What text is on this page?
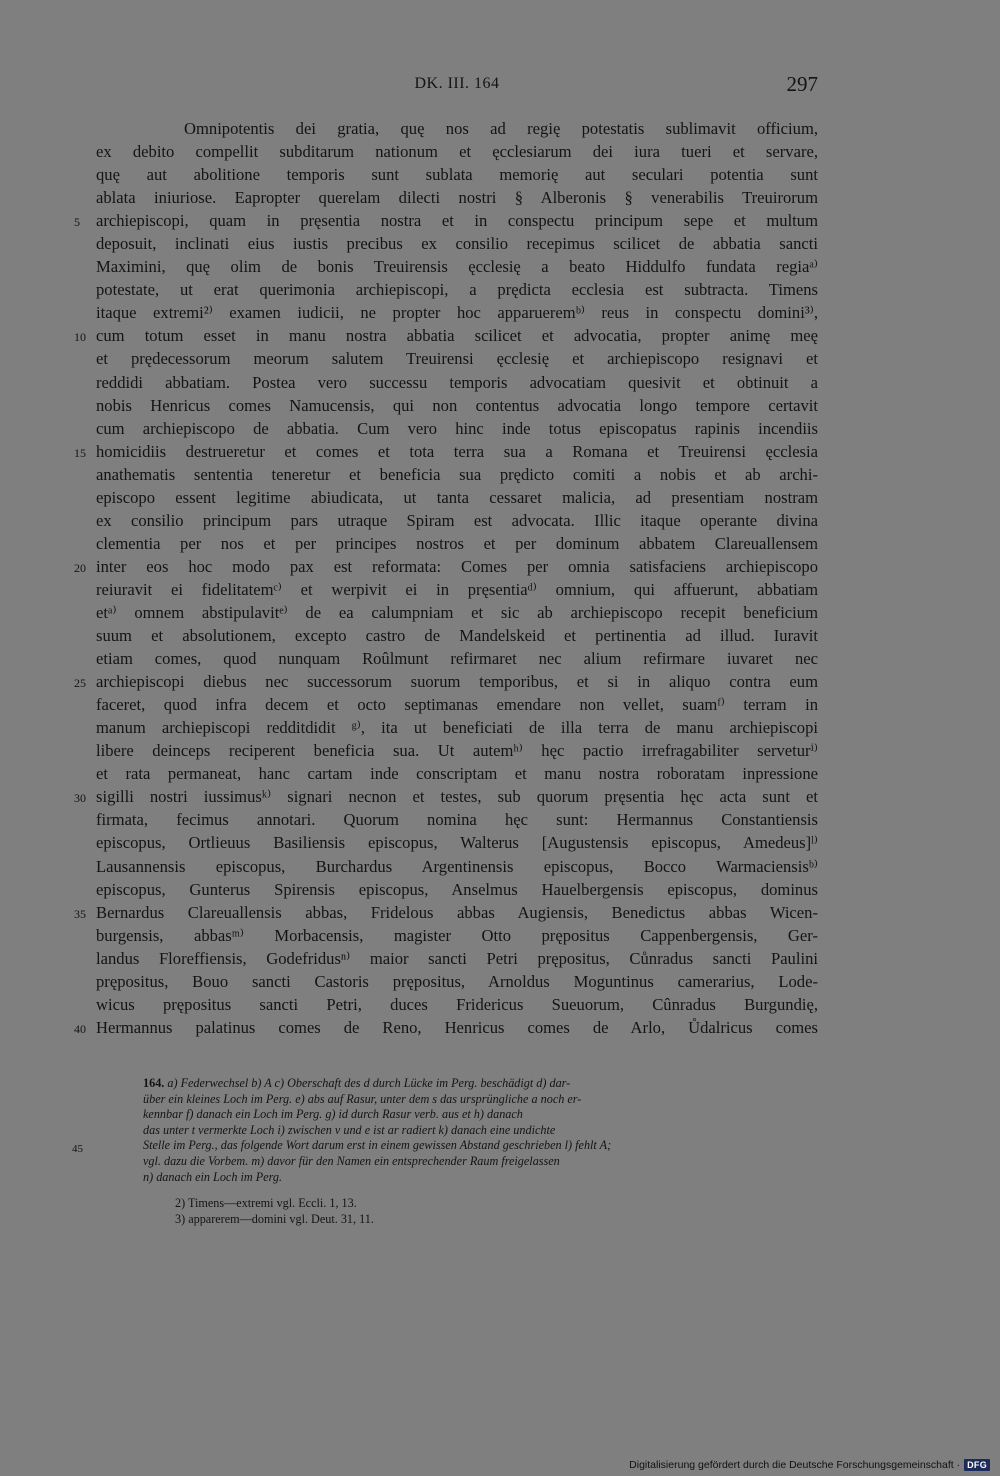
DK. III. 164	297
Omnipotentis dei gratia, quę nos ad regię potestatis sublimavit officium,
ex debito compellit subditarum nationum et ęcclesiarum dei iura tueri et servare,
quę aut abolitione temporis sunt sublata memorię aut seculari potentia sunt
ablata iniuriose. Eapropter querelam dilecti nostri § Alberonis § venerabilis Treuirorum
archiepiscopi, quam in pręsentia nostra et in conspectu principum sepe et multum
deposuit, inclinati eius iustis precibus ex consilio recepimus scilicet de abbatia sancti
Maximini, quę olim de bonis Treuirensis ęcclesię a beato Hiddulfo fundata regiaᵃ⁾
potestate, ut erat querimonia archiepiscopi, a prędicta ecclesia est subtracta. Timens
itaque extremi²⁾ examen iudicii, ne propter hoc apparueremᵇ⁾ reus in conspectu domini³⁾,
cum totum esset in manu nostra abbatia scilicet et advocatia, propter animę meę
et prędecessorum meorum salutem Treuirensi ęcclesię et archiepiscopo resignavi et
reddidi abbatiam. Postea vero successu temporis advocatiam quesivit et obtinuit a
nobis Henricus comes Namucensis, qui non contentus advocatia longo tempore certavit
cum archiepiscopo de abbatia. Cum vero hinc inde totus episcopatus rapinis incendiis
homicidiis destrueretur et comes et tota terra sua a Romana et Treuirensi ęcclesia
anathematis sententia teneretur et beneficia sua prędicto comiti a nobis et ab archi-
episcopo essent legitime abiudicata, ut tanta cessaret malicia, ad presentiam nostram
ex consilio principum pars utraque Spiram est advocata. Illic itaque operante divina
clementia per nos et per principes nostros et per dominum abbatem Clareuallensem
inter eos hoc modo pax est reformata: Comes per omnia satisfaciens archiepiscopo
reiuravit ei fidelitatemᶜ⁾ et werpivit ei in pręsentiaᵈ⁾ omnium, qui affuerunt, abbatiam
etᵃ⁾ omnem abstipulavitᵉ⁾ de ea calumpniam et sic ab archiepiscopo recepit beneficium
suum et absolutionem, excepto castro de Mandelskeid et pertinentia ad illud. Iuravit
etiam comes, quod nunquam Roûlmunt refirmaret nec alium refirmare iuvaret nec
archiepiscopi diebus nec successorum suorum temporibus, et si in aliquo contra eum
faceret, quod infra decem et octo septimanas emendare non vellet, suamᶠ⁾ terram in
manum archiepiscopi redditdidit ᵍ⁾, ita ut beneficiati de illa terra de manu archiepiscopi
libere deinceps reciperent beneficia sua. Ut autemʰ⁾ hęc pactio irrefragabiliter serveturⁱ⁾
et rata permaneat, hanc cartam inde conscriptam et manu nostra roboratam inpressione
sigilli nostri iussimusᵏ⁾ signari necnon et testes, sub quorum pręsentia hęc acta sunt et
firmata, fecimus annotari. Quorum nomina hęc sunt: Hermannus Constantiensis
episcopus, Ortlieuus Basiliensis episcopus, Walterus [Augustensis episcopus, Amedeus]ˡ⁾
Lausannensis episcopus, Burchardus Argentinensis episcopus, Bocco Warmaciensisᵇ⁾
episcopus, Gunterus Spirensis episcopus, Anselmus Hauelbergensis episcopus, dominus
Bernardus Clareuallensis abbas, Fridelous abbas Augiensis, Benedictus abbas Wicen-
burgensis, abbasᵐ⁾ Morbacensis, magister Otto prępositus Cappenbergensis, Ger-
landus Floreffiensis, Godefridusⁿ⁾ maior sancti Petri prępositus, Cůnradus sancti Paulini
prępositus, Bouo sancti Castoris prępositus, Arnoldus Moguntinus camerarius, Lode-
wicus prępositus sancti Petri, duces Fridericus Sueuorum, Cûnradus Burgundię,
Hermannus palatinus comes de Reno, Henricus comes de Arlo, Ůdalricus comes
5
10
15
20
25
30
35
40
164. a) Federwechsel b) A c) Oberschaft des d durch Lücke im Perg. beschädigt d) dar-
über ein kleines Loch im Perg. e) abs auf Rasur, unter dem s das ursprüngliche a noch er-
kennbar f) danach ein Loch im Perg. g) id durch Rasur verb. aus et h) danach
das unter t vermerkte Loch i) zwischen v und e ist ar radiert k) danach eine undichte
Stelle im Perg., das folgende Wort darum erst in einem gewissen Abstand geschrieben l) fehlt A;
vgl. dazu die Vorbem. m) davor für den Namen ein entsprechender Raum freigelassen
n) danach ein Loch im Perg.
45
2) Timens—extremi vgl. Eccli. 1, 13.
3) apparerem—domini vgl. Deut. 31, 11.
Digitalisierung gefördert durch die Deutsche Forschungsgemeinschaft · DFG
